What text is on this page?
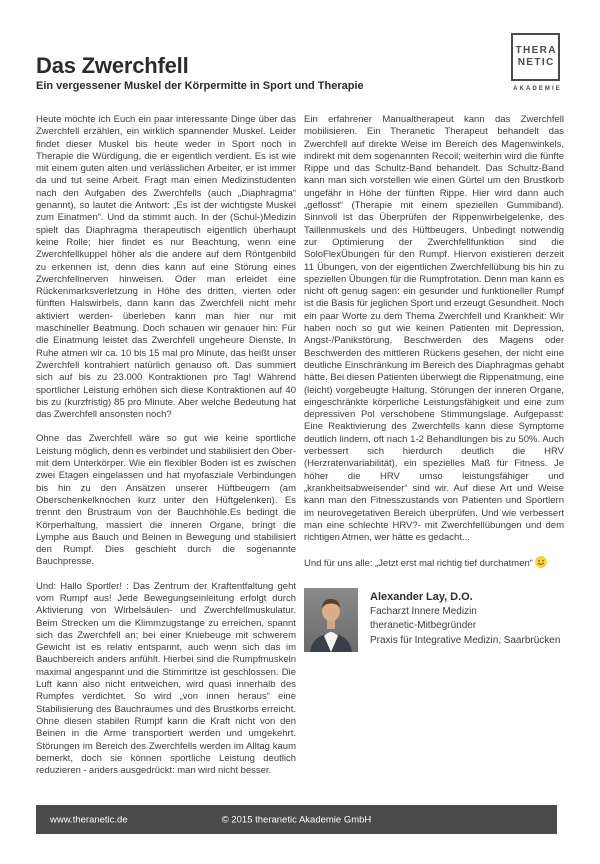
Das Zwerchfell
Ein vergessener Muskel der Körpermitte in Sport und Therapie
THERA
NETIC
AKADEMIE

Heute möchte ich Euch ein paar interessante Dinge über das Zwerchfell erzählen, ein wirklich spannender Muskel. Leider findet dieser Muskel bis heute weder in Sport noch in Therapie die Würdigung, die er eigentlich verdient. Es ist wie mit einem guten alten und verlässlichen Arbeiter, er ist immer da und tut seine Arbeit. Fragt man einen Medizinstudenten nach den Aufgaben des Zwerchfells (auch „Diaphragma“ genannt), so lautet die Antwort: „Es ist der wichtigste Muskel zum Einatmen“. Und da stimmt auch. In der (Schul-)Medizin spielt das Diaphragma therapeutisch eigentlich überhaupt keine Rolle; hier findet es nur Beachtung, wenn eine Zwerchfellkuppel höher als die andere auf dem Röntgenbild zu erkennen ist, denn dies kann auf eine Störung eines Zwerchfellnerven hinweisen. Oder man erleidet eine Rückenmarksverletzung in Höhe des dritten, vierten oder fünften Halswirbels, dann kann das Zwerchfell nicht mehr aktiviert werden- überleben kann man hier nur mit maschineller Beatmung. Doch schauen wir genauer hin: Für die Einatmung leistet das Zwerchfell ungeheure Dienste. In Ruhe atmen wir ca. 10 bis 15 mal pro Minute, das heißt unser Zwerchfell kontrahiert natürlich genauso oft. Das summiert sich auf bis zu 23.000 Kontraktionen pro Tag! Während sportlicher Leistung erhöhen sich diese Kontraktionen auf 40 bis zu (kurzfristig) 85 pro Minute. Aber welche Bedeutung hat das Zwerchfell ansonsten noch?

Ohne das Zwerchfell wäre so gut wie keine sportliche Leistung möglich, denn es verbindet und stabilisiert den Ober- mit dem Unterkörper. Wie ein flexibler Boden ist es zwischen zwei Etagen eingelassen und hat myofasziale Verbindungen bis hin zu den Ansätzen unserer Hüftbeugern (am Oberschenkelknochen kurz unter den Hüftgelenken). Es trennt den Brustraum von der Bauchhöhle.Es bedingt die Körperhaltung, massiert die inneren Organe, bringt die Lymphe aus Bauch und Beinen in Bewegung und stabilisiert den Rumpf. Dies geschieht durch die sogenannte Bauchpresse.

Und: Hallo Sportler! : Das Zentrum der Kraftentfaltung geht vom Rumpf aus! Jede Bewegungseinleitung erfolgt durch Aktivierung von Wirbelsäulen- und Zwerchfellmuskulatur. Beim Strecken um die Klimmzugstange zu erreichen, spannt sich das Zwerchfell an; bei einer Kniebeuge mit schwerem Gewicht ist es relativ entspannt, auch wenn sich das im Bauchbereich anders anfühlt. Hierbei sind die Rumpfmuskeln maximal angespannt und die Stimmritze ist geschlossen. Die Luft kann also nicht entweichen, wird quasi innerhalb des Rumpfes verdichtet. So wird „von innen heraus“ eine Stabilisierung des Bauchraumes und des Brustkorbs erreicht. Ohne diesen stabilen Rumpf kann die Kraft nicht von den Beinen in die Arme transportiert werden und umgekehrt. Störungen im Bereich des Zwerchfells werden im Alltag kaum bemerkt, doch sie können sportliche Leistung deutlich reduzieren - anders ausgedrückt: man wird nicht besser.

Ein erfahrener Manualtherapeut kann das Zwerchfell mobilisieren. Ein Theranetic Therapeut behandelt das Zwerchfell auf direkte Weise im Bereich des Magenwinkels, indirekt mit dem sogenannten Recoil; weiterhin wird die fünfte Rippe und das Schultz-Band behandelt. Das Schultz-Band kann man sich vorstellen wie einen Gürtel um den Brustkorb ungefähr in Höhe der fünften Rippe. Hier wird dann auch „geflosst“ (Therapie mit einem speziellen Gummiband). Sinnvoll ist das Überprüfen der Rippenwirbelgelenke, des Taillenmuskels und des Hüftbeugers. Unbedingt notwendig zur Optimierung der Zwerchfellfunktion sind die SoloFlexÜbungen für den Rumpf. Hiervon existieren derzeit 11 Übungen, von der eigentlichen Zwerchfellübung bis hin zu speziellen Übungen für die Rumpfrotation. Denn man kann es nicht oft genug sagen: ein gesunder und funktioneller Rumpf ist die Basis für jeglichen Sport und erzeugt Gesundheit. Noch ein paar Worte zu dem Thema Zwerchfell und Krankheit: Wir haben noch so gut wie keinen Patienten mit Depression, Angst-/Panikstörung, Beschwerden des Magens oder Beschwerden des mittleren Rückens gesehen, der nicht eine deutliche Einschränkung im Bereich des Diaphragmas gehabt hätte. Bei diesen Patienten überwiegt die Rippenatmung, eine (leicht) vorgebeugte Haltung, Störungen der inneren Organe, eingeschränkte körperliche Leistungsfähigkeit und eine zum depressiven Pol verschobene Stimmungslage. Aufgepasst: Eine Reaktivierung des Zwerchfells kann diese Symptome deutlich lindern, oft nach 1-2 Behandlungen bis zu 50%. Auch verbessert sich hierdurch deutlich die HRV (Herzratenvariabilität), ein spezielles Maß für Fitness. Je höher die HRV umso leistungsfähiger und „krankheitsabweisender“ sind wir. Auf diese Art und Weise kann man den Fitnesszustands von Patienten und Sportlern im neurovegetativen Bereich überprüfen. Und wie verbessert man eine schlechte HRV?- mit Zwerchfellübungen und dem richtigen Atmen, wer hätte es gedacht...

Und für uns alle: „Jetzt erst mal richtig tief durchatmen“

Alexander Lay, D.O.
Facharzt Innere Medizin
theranetic-Mitbegründer
Praxis für Integrative Medizin, Saarbrücken
www.theranetic.de	© 2015 theranetic Akademie GmbH
